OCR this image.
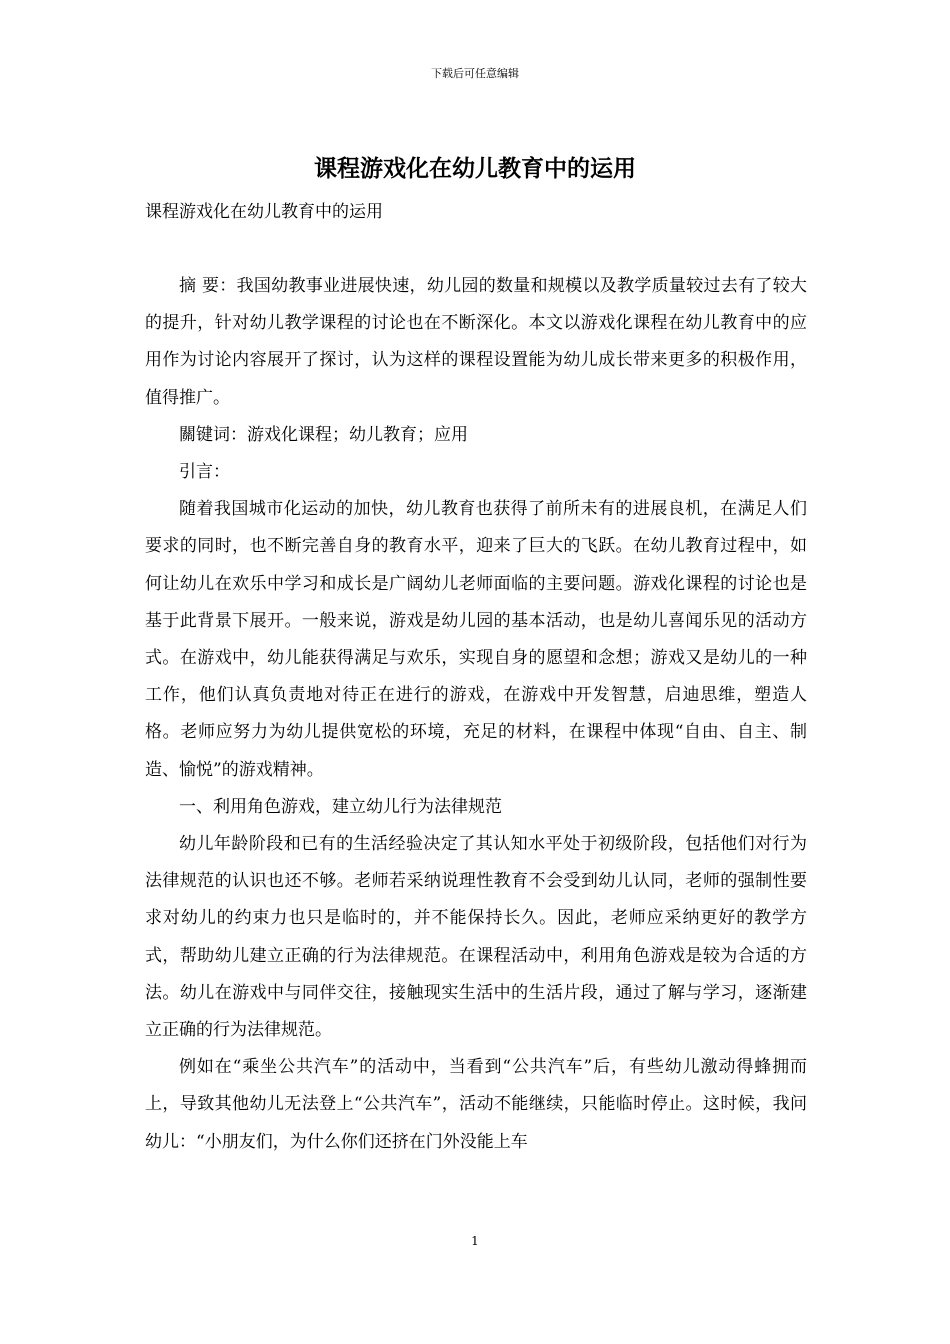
下载后可任意编辑
课程游戏化在幼儿教育中的运用

课程游戏化在幼儿教育中的运用

摘 要：我国幼教事业进展快速，幼儿园的数量和规模以及教学质量较过去有了较大的提升，针对幼儿教学课程的讨论也在不断深化。本文以游戏化课程在幼儿教育中的应用作为讨论内容展开了探讨，认为这样的课程设置能为幼儿成长带来更多的积极作用，值得推广。

關键词：游戏化课程；幼儿教育；应用

引言：

随着我国城市化运动的加快，幼儿教育也获得了前所未有的进展良机，在满足人们要求的同时，也不断完善自身的教育水平，迎来了巨大的飞跃。在幼儿教育过程中，如何让幼儿在欢乐中学习和成长是广阔幼儿老师面临的主要问题。游戏化课程的讨论也是基于此背景下展开。一般来说，游戏是幼儿园的基本活动，也是幼儿喜闻乐见的活动方式。在游戏中，幼儿能获得满足与欢乐，实现自身的愿望和念想；游戏又是幼儿的一种工作，他们认真负责地对待正在进行的游戏，在游戏中开发智慧，启迪思维，塑造人格。老师应努力为幼儿提供宽松的环境，充足的材料，在课程中体现“自由、自主、制造、愉悦”的游戏精神。

一、利用角色游戏，建立幼儿行为法律规范

幼儿年龄阶段和已有的生活经验决定了其认知水平处于初级阶段，包括他们对行为法律规范的认识也还不够。老师若采纳说理性教育不会受到幼儿认同，老师的强制性要求对幼儿的约束力也只是临时的，并不能保持长久。因此，老师应采纳更好的教学方式，帮助幼儿建立正确的行为法律规范。在课程活动中，利用角色游戏是较为合适的方法。幼儿在游戏中与同伴交往，接触现实生活中的生活片段，通过了解与学习，逐渐建立正确的行为法律规范。

例如在“乘坐公共汽车”的活动中，当看到“公共汽车”后，有些幼儿激动得蜂拥而上，导致其他幼儿无法登上“公共汽车”，活动不能继续，只能临时停止。这时候，我问幼儿：“小朋友们，为什么你们还挤在门外没能上车

1
